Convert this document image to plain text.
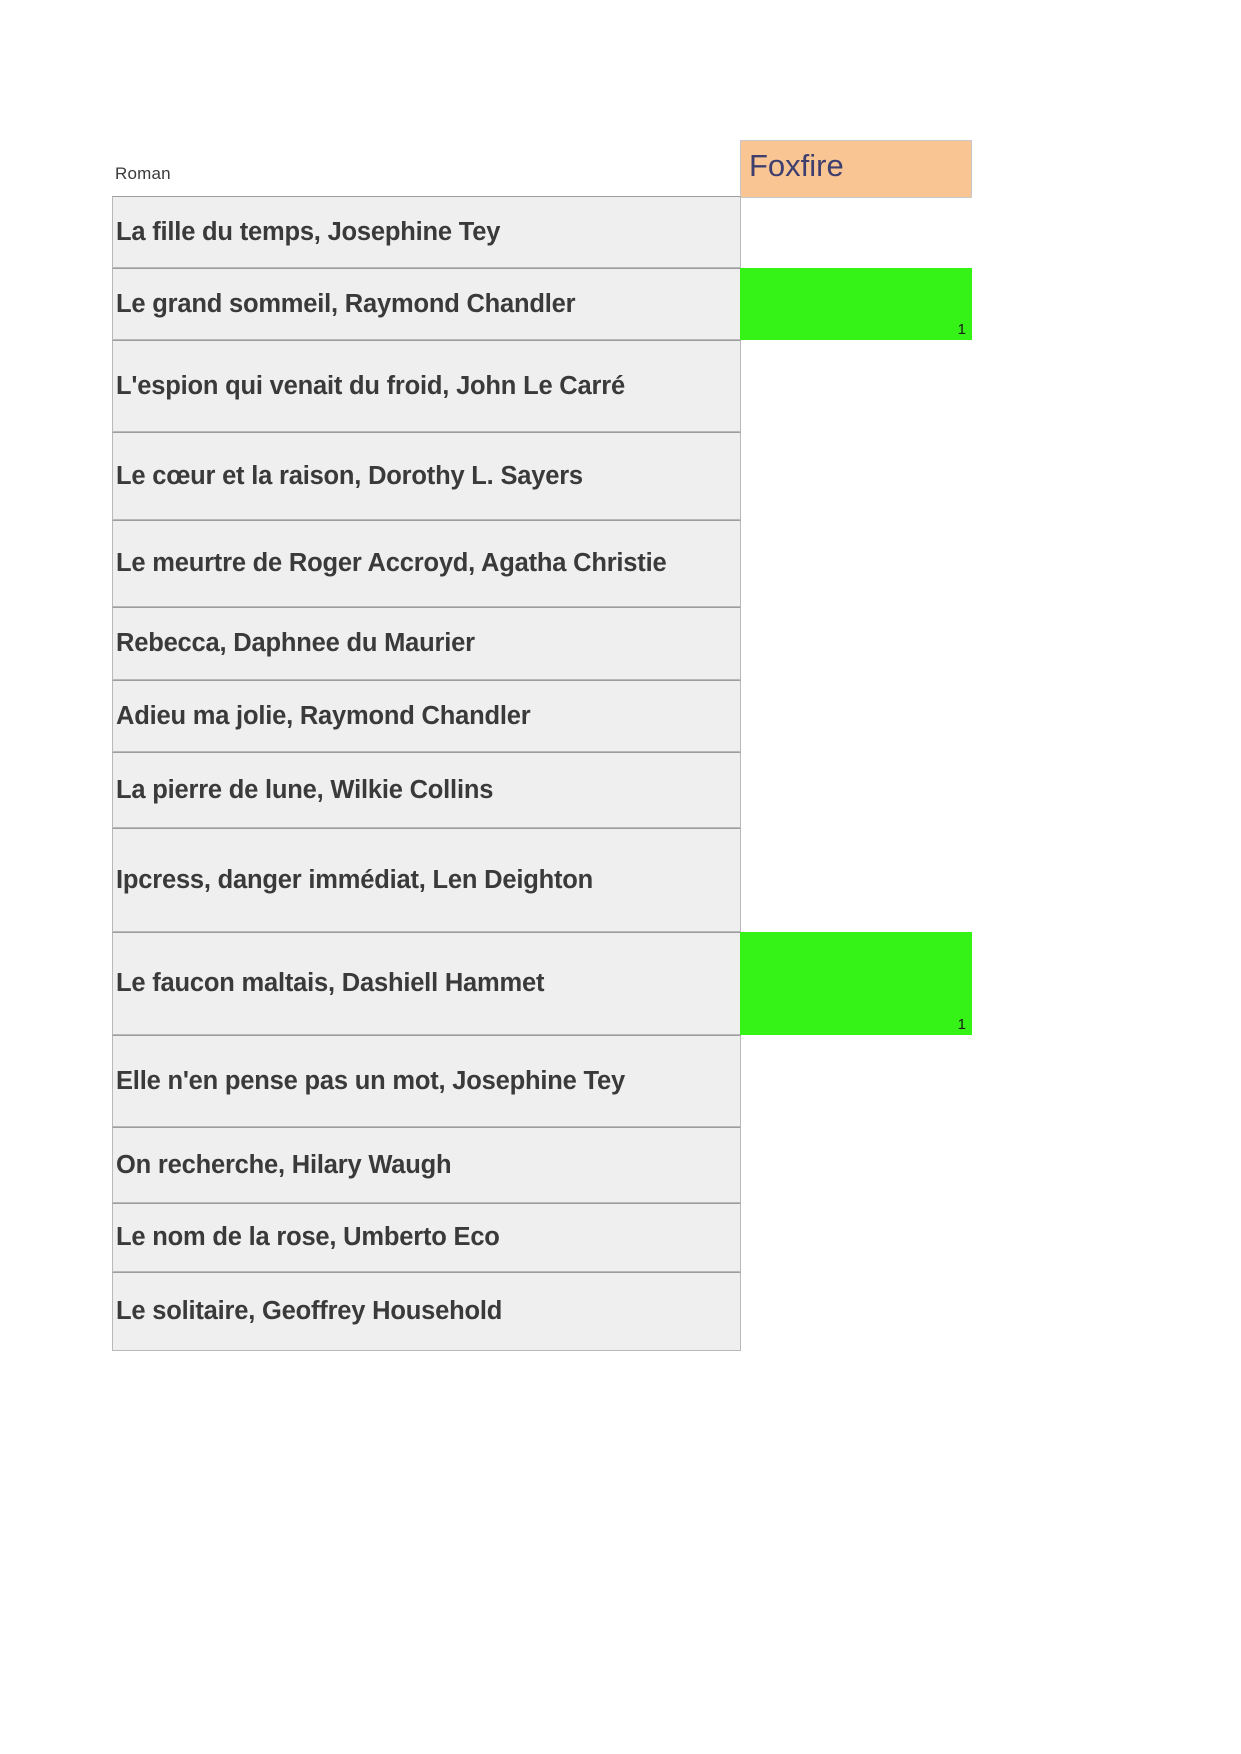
Roman	Foxfire
La fille du temps, Josephine Tey
Le grand sommeil, Raymond Chandler
1
L'espion qui venait du froid, John Le Carré
Le cœur et la raison, Dorothy L. Sayers
Le meurtre de Roger Accroyd, Agatha Christie
Rebecca, Daphnee du Maurier
Adieu ma jolie, Raymond Chandler
La pierre de lune, Wilkie Collins
Ipcress, danger immédiat, Len Deighton
Le faucon maltais, Dashiell Hammet
1
Elle n'en pense pas un mot, Josephine Tey
On recherche, Hilary Waugh
Le nom de la rose, Umberto Eco
Le solitaire, Geoffrey Household
